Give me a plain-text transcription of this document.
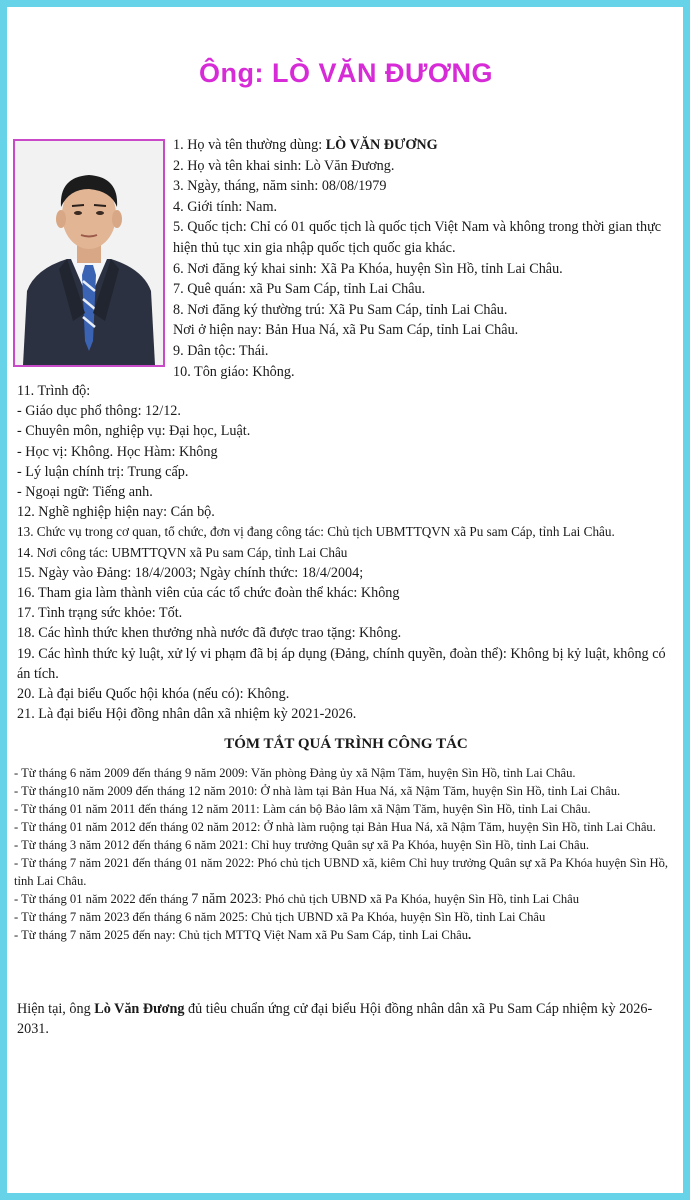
Ông: LÒ VĂN ĐƯƠNG
1. Họ và tên thường dùng: LÒ VĂN ĐƯƠNG
2. Họ và tên khai sinh: Lò Văn Đương.
3. Ngày, tháng, năm sinh: 08/08/1979
4. Giới tính: Nam.
5. Quốc tịch: Chỉ có 01 quốc tịch là quốc tịch Việt Nam và không trong thời gian thực hiện thủ tục xin gia nhập quốc tịch quốc gia khác.
6. Nơi đăng ký khai sinh: Xã Pa Khóa, huyện Sìn Hồ, tỉnh Lai Châu.
7. Quê quán: xã Pu Sam Cáp, tỉnh Lai Châu.
8. Nơi đăng ký thường trú: Xã Pu Sam Cáp, tỉnh Lai Châu.
Nơi ở hiện nay: Bản Hua Ná, xã Pu Sam Cáp, tỉnh Lai Châu.
9. Dân tộc: Thái.
10. Tôn giáo: Không.
11. Trình độ:
- Giáo dục phổ thông: 12/12.
- Chuyên môn, nghiệp vụ: Đại học, Luật.
- Học vị: Không. Học Hàm: Không
- Lý luận chính trị: Trung cấp.
- Ngoại ngữ: Tiếng anh.
12. Nghề nghiệp hiện nay: Cán bộ.
13. Chức vụ trong cơ quan, tổ chức, đơn vị đang công tác: Chủ tịch UBMTTQVN xã Pu sam Cáp, tỉnh Lai Châu.
14. Nơi công tác: UBMTTQVN xã Pu sam Cáp, tỉnh Lai Châu
15. Ngày vào Đảng: 18/4/2003; Ngày chính thức: 18/4/2004;
16. Tham gia làm thành viên của các tổ chức đoàn thể khác: Không
17. Tình trạng sức khỏe: Tốt.
18. Các hình thức khen thưởng nhà nước đã được trao tặng: Không.
19. Các hình thức kỷ luật, xử lý vi phạm đã bị áp dụng (Đảng, chính quyền, đoàn thể): Không bị kỷ luật, không có án tích.
20. Là đại biểu Quốc hội khóa (nếu có): Không.
21. Là đại biểu Hội đồng nhân dân xã nhiệm kỳ 2021-2026.
TÓM TẮT QUÁ TRÌNH CÔNG TÁC
- Từ tháng 6 năm 2009 đến tháng 9 năm 2009: Văn phòng Đảng ủy xã Nậm Tăm, huyện Sìn Hồ, tỉnh Lai Châu.
- Từ tháng10 năm 2009 đến tháng 12 năm 2010: Ở nhà làm tại Bản Hua Ná, xã Nậm Tăm, huyện Sìn Hồ, tỉnh Lai Châu.
- Từ tháng 01 năm 2011 đến tháng 12 năm 2011: Làm cán bộ Bảo lâm xã Nậm Tăm, huyện Sìn Hồ, tỉnh Lai Châu.
- Từ tháng 01 năm 2012 đến tháng 02 năm 2012: Ở nhà làm ruộng tại Bản Hua Ná, xã Nậm Tăm, huyện Sìn Hồ, tỉnh Lai Châu.
- Từ tháng 3 năm 2012 đến tháng 6 năm 2021: Chỉ huy trưởng Quân sự xã Pa Khóa, huyện Sìn Hồ, tỉnh Lai Châu.
- Từ tháng 7 năm 2021 đến tháng 01 năm 2022: Phó chủ tịch UBND xã, kiêm Chỉ huy trưởng Quân sự xã Pa Khóa huyện Sìn Hồ, tỉnh Lai Châu.
- Từ tháng 01 năm 2022 đến tháng 7 năm 2023: Phó chủ tịch UBND xã Pa Khóa, huyện Sìn Hồ, tỉnh Lai Châu
- Từ tháng 7 năm 2023 đến tháng 6 năm 2025: Chủ tịch UBND xã Pa Khóa, huyện Sìn Hồ, tỉnh Lai Châu
- Từ tháng 7 năm 2025 đến nay: Chủ tịch MTTQ Việt Nam xã Pu Sam Cáp, tỉnh Lai Châu.
Hiện tại, ông Lò Văn Đương đủ tiêu chuẩn ứng cử đại biểu Hội đồng nhân dân xã Pu Sam Cáp nhiệm kỳ 2026-2031.
